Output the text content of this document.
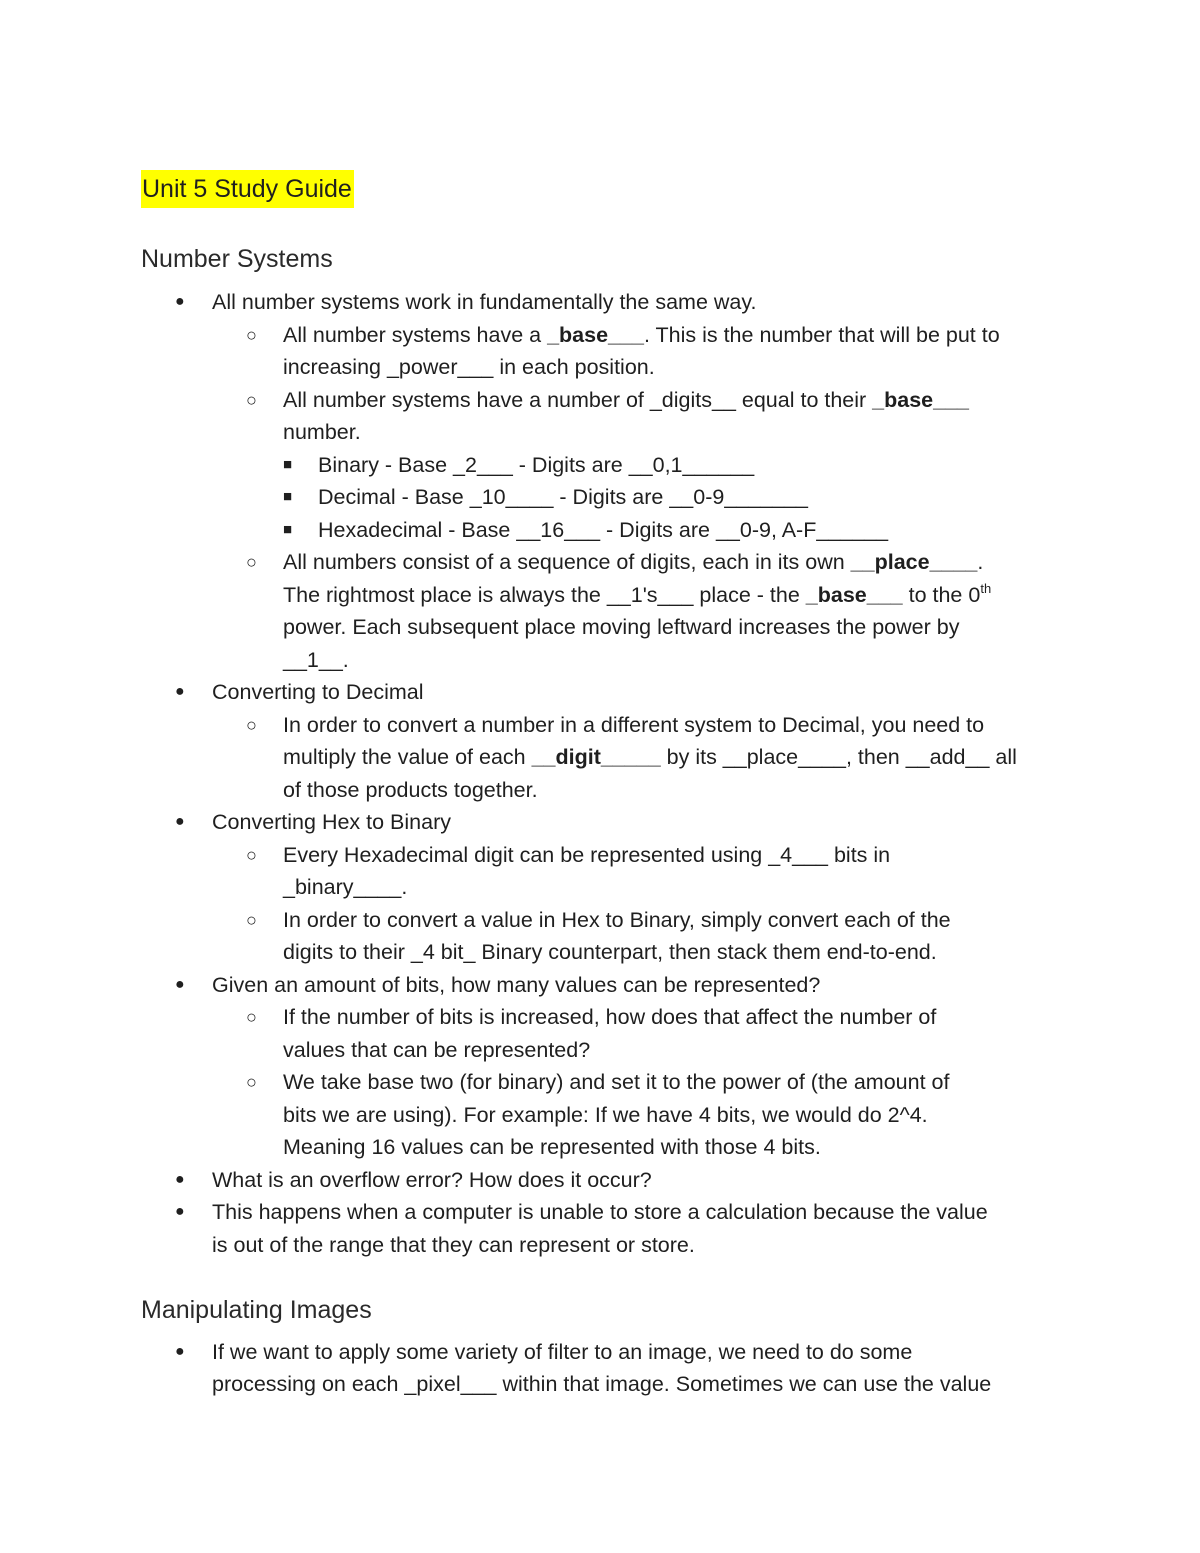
Unit 5 Study Guide
Number Systems
● All number systems work in fundamentally the same way.
○ All number systems have a _base___. This is the number that will be put to
increasing _power___ in each position.
○ All number systems have a number of _digits__ equal to their _base___
number.
■ Binary - Base _2___ - Digits are __0,1______
■ Decimal - Base _10____ - Digits are __0-9_______
■ Hexadecimal - Base __16___ - Digits are __0-9, A-F______
○ All numbers consist of a sequence of digits, each in its own __place____.
The rightmost place is always the __1's___ place - the _base___ to the 0th
power. Each subsequent place moving leftward increases the power by
__1__.
● Converting to Decimal
○ In order to convert a number in a different system to Decimal, you need to
multiply the value of each __digit_____ by its __place____, then __add__ all
of those products together.
● Converting Hex to Binary
○ Every Hexadecimal digit can be represented using _4___ bits in
_binary____.
○ In order to convert a value in Hex to Binary, simply convert each of the
digits to their _4 bit_ Binary counterpart, then stack them end-to-end.
● Given an amount of bits, how many values can be represented?
○ If the number of bits is increased, how does that affect the number of
values that can be represented?
○ We take base two (for binary) and set it to the power of (the amount of
bits we are using). For example: If we have 4 bits, we would do 2^4.
Meaning 16 values can be represented with those 4 bits.
● What is an overflow error? How does it occur?
● This happens when a computer is unable to store a calculation because the value
is out of the range that they can represent or store.
Manipulating Images
● If we want to apply some variety of filter to an image, we need to do some
processing on each _pixel___ within that image. Sometimes we can use the value
